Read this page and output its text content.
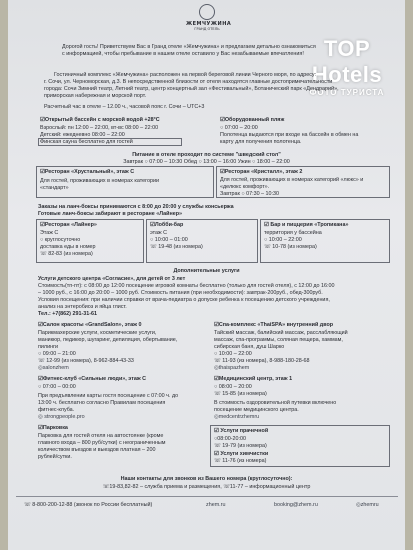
ЖЕМЧУЖИНА
ГРАНД ОТЕЛЬ
TOP Hotels
ФОТО ТУРИСТА
Дорогой гость! Приветствуем Вас в Гранд отеле «Жемчужина» и предлагаем детально ознакомиться
с информацией, чтобы пребывание в нашем отеле оставило у Вас незабываемые впечатления!
Гостиничный комплекс «Жемчужина» расположен на первой береговой линии Черного моря, по адресу:
г. Сочи, ул. Черноморская, д.3. В непосредственной близости от отеля находятся главные достопримечательности
города: Сочи Зимний театр, Летний театр, центр концертный зал «Фестивальный», Ботанический парк «Дендрарий»,
приморская набережная и морской порт.
Расчетный час в отеле – 12.00 ч., часовой пояс г. Сочи – UTC+3
☑Открытый бассейн с морской водой +28°C
Взрослый: пн 12:00 – 22:00, вт-вс 08:00 – 22:00
Детский: ежедневно 08:00 – 22:00
Финская сауна бесплатно для гостей
☑Оборудованный пляж
○ 07:00 – 20:00
Полотенца выдаются при входе на бассейн в обмен на
карту для получения полотенца.
Питание в отеле проходит по системе "шведский стол"
Завтрак ○ 07:00 – 10:30 Обед ○ 13:00 – 16:00 Ужин ○ 18:00 – 22:00
☑Ресторан «Хрустальный», этаж С
Для гостей, проживающих в номерах категории
«стандарт»
☑Ресторан «Кристалл», этаж 2
Для гостей, проживающих в номерах категорий «люкс» и
«делюкс комфорт».
Завтрак ○ 07:30 – 10:30
Заказы на ланч-боксы принимаются с 8:00 до 20:00 у службы консьержа
Готовые ланч-боксы забирают в ресторане «Лайнер»
☑Ресторан «Лайнер»
Этаж С
○ круглосуточно
доставка еды в номер
☏ 82-83 (из номера)
☑Лобби-бар
этаж С
○ 10:00 – 01:00
☏ 19-48 (из номера)
☑ Бар и пиццерия «Тропикана»
территория у бассейна
○ 10:00 – 22:00
☏ 10-78 (из номера)
Дополнительные услуги
Услуги детского центра «Согласие», для детей от 3 лет
Стоимость(тп-пт): с 08:00 до 12:00 посещение игровой комнаты бесплатно (только для гостей отеля), с 12:00 до 16:00
– 1000 руб., с 16:00 до 20:00 – 1000 руб. Стоимость питания (при необходимости): завтрак-200руб., обед-300руб.
Условия посещения: при наличии справки от врача-педиатра о допуске ребенка к посещению детского учреждения,
анализ на энтеробиоз и яйца глист.
Тел.: +7(862) 291-31-61
☑Салон красоты «GrandSalon», этаж 0
Парикмахерские услуги, косметические услуги,
маникюр, педикюр, шугаринг, депиляция, обертывание,
пилинги
○ 09:00 – 21:00
☏ 12-99 (из номера), 8-962-884-43-33
◎salonzhem
☑Спа-комплекс «ThaiSPA» внутренний двор
Тайский массаж, балийский массаж, расслабляющий
массаж, спа-программы, соляная пещера, хаммам,
сибирская баня, душ Шарко
○ 10:00 – 22:00
☏ 11-93 (из номера), 8-988-180-28-68
◎thaispazhem
☑Фитнес-клуб «Сильные люди», этаж С
○ 07:00 – 00:00
При предъявлении карты гостя посещение с 07:00 ч. до
13:00 ч. бесплатно согласно Правилам посещения
фитнес-клуба.
◎ strongpeople.pro
☑Медицинский центр, этаж 1
○ 08:00 – 20:00
☏ 15-85 (из номера)
В стоимость оздоровительной путевки включено
посещение медицинского центра.
◎medcentrzhemru
☑Парковка
Парковка для гостей отеля на автостоянке (кроме
главного входа – 800 руб/сутки) с неограниченным
количеством въездов и выездов платная – 200
рублей/сутки.
☑ Услуги прачечной
○08:00-20:00
☏ 19-79 (из номера)
☑ Услуги химчистки
☏ 11-76 (из номера)
Наши контакты для звонков из Вашего номера (круглосуточно):
☏19-83,82-82 – служба приема и размещения, ☏11-77 – информационный центр
☏ 8-800-200-12-88 (звонок по России бесплатный)	zhem.ru	booking@zhem.ru	◎zhemru
